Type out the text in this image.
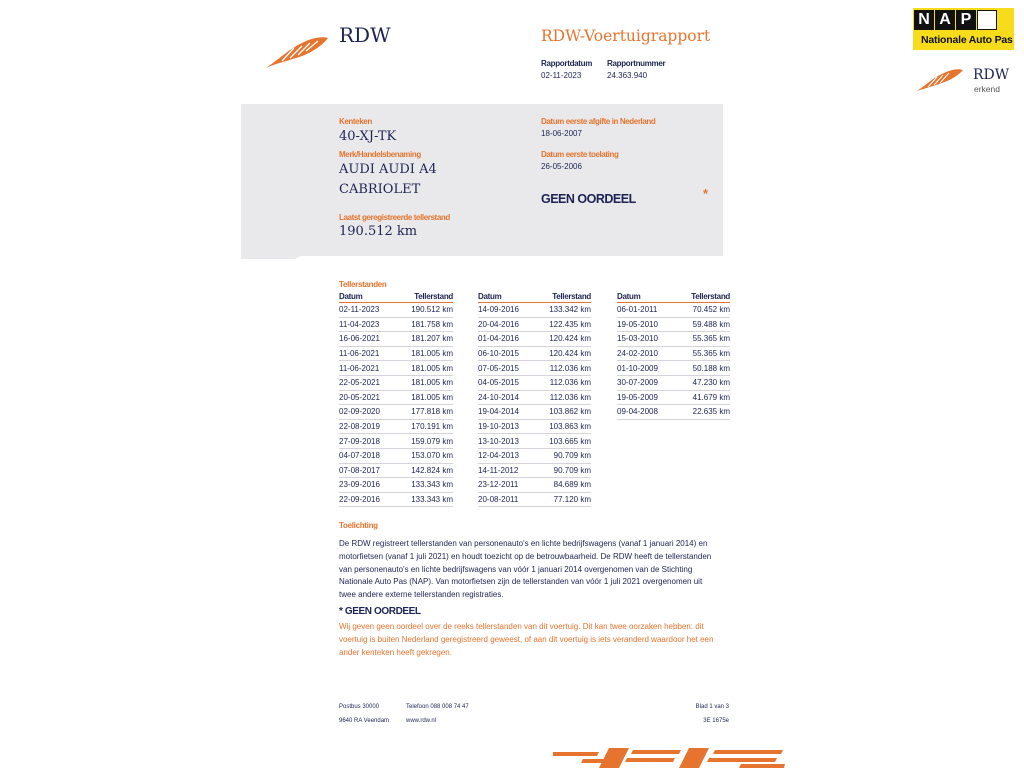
RDW	RDW-Voertuigrapport
Rapportdatum
02-11-2023
Rapportnummer
24.363.940
N A P
Nationale Auto Pas
RDW
erkend
Kenteken
40-XJ-TK
Merk/Handelsbenaming
AUDI AUDI A4
CABRIOLET
Laatst geregistreerde tellerstand
190.512 km
Datum eerste afgifte in Nederland
18-06-2007
Datum eerste toelating
26-05-2006
GEEN OORDEEL	*
Tellerstanden
Datum	Tellerstand
02-11-2023	190.512 km
11-04-2023	181.758 km
16-06-2021	181.207 km
11-06-2021	181.005 km
11-06-2021	181.005 km
22-05-2021	181.005 km
20-05-2021	181.005 km
02-09-2020	177.818 km
22-08-2019	170.191 km
27-09-2018	159.079 km
04-07-2018	153.070 km
07-08-2017	142.824 km
23-09-2016	133.343 km
22-09-2016	133.343 km
Datum	Tellerstand
14-09-2016	133.342 km
20-04-2016	122.435 km
01-04-2016	120.424 km
06-10-2015	120.424 km
07-05-2015	112.036 km
04-05-2015	112.036 km
24-10-2014	112.036 km
19-04-2014	103.862 km
19-10-2013	103.863 km
13-10-2013	103.665 km
12-04-2013	90.709 km
14-11-2012	90.709 km
23-12-2011	84.689 km
20-08-2011	77.120 km
Datum	Tellerstand
06-01-2011	70.452 km
19-05-2010	59.488 km
15-03-2010	55.365 km
24-02-2010	55.365 km
01-10-2009	50.188 km
30-07-2009	47.230 km
19-05-2009	41.679 km
09-04-2008	22.635 km
Toelichting
De RDW registreert tellerstanden van personenauto's en lichte bedrijfswagens (vanaf 1 januari 2014) en
motorfietsen (vanaf 1 juli 2021) en houdt toezicht op de betrouwbaarheid. De RDW heeft de tellerstanden
van personenauto's en lichte bedrijfswagens van vóór 1 januari 2014 overgenomen van de Stichting
Nationale Auto Pas (NAP). Van motorfietsen zijn de tellerstanden van vóór 1 juli 2021 overgenomen uit
twee andere externe tellerstanden registraties.
* GEEN OORDEEL
Wij geven geen oordeel over de reeks tellerstanden van dit voertuig. Dit kan twee oorzaken hebben: dit
voertuig is buiten Nederland geregistreerd geweest, of aan dit voertuig is iets veranderd waardoor het een
ander kenteken heeft gekregen.
Postbus 30000
9640 RA Veendam
Telefoon 088 008 74 47
www.rdw.nl
Blad 1 van 3
3E 1675e
